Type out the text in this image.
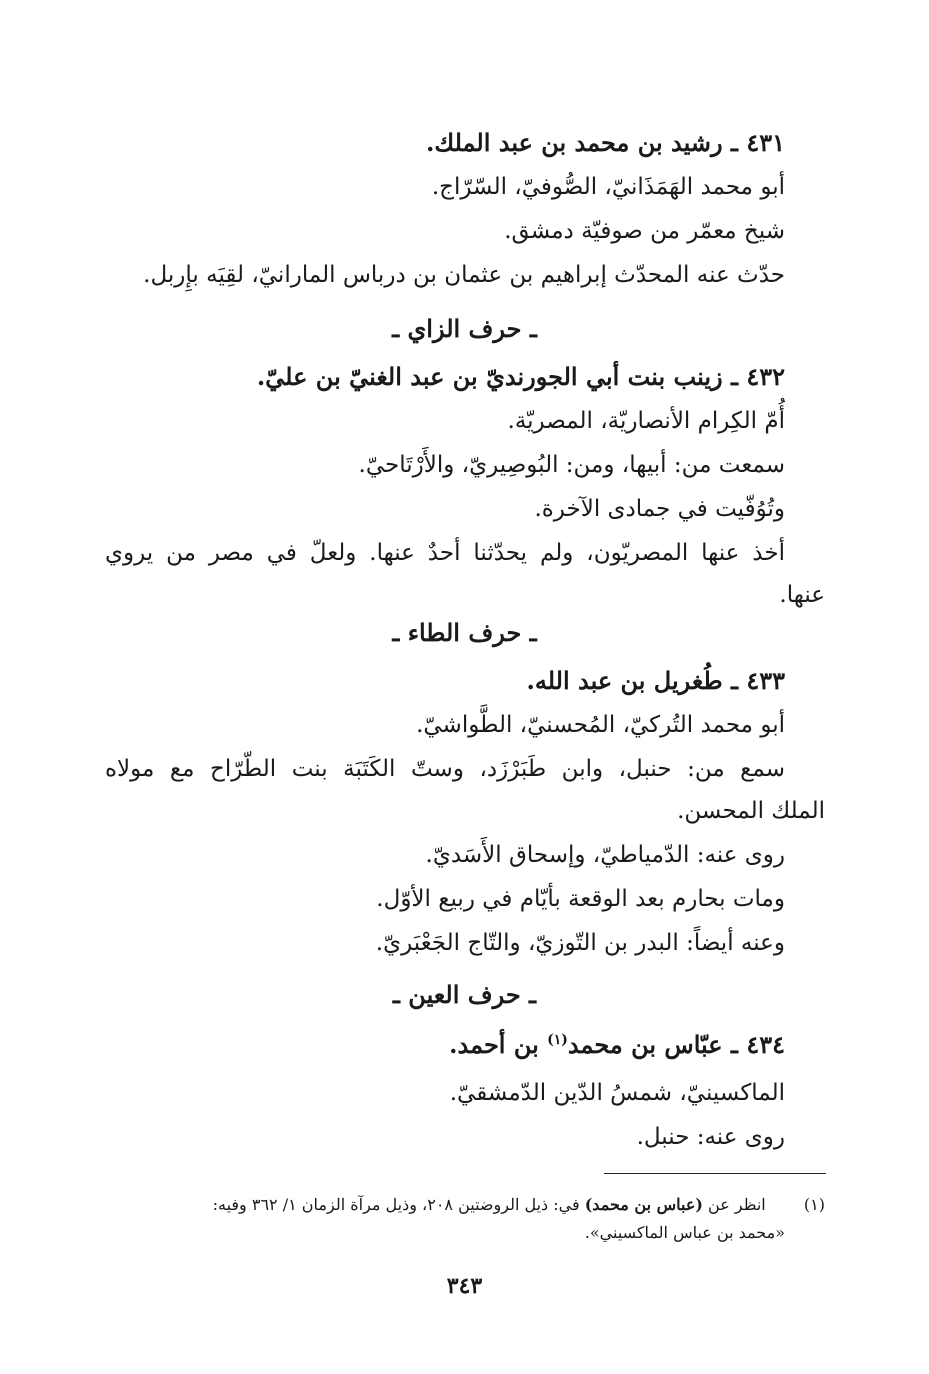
٤٣١ ـ رشيد بن محمد بن عبد الملك.
أبو محمد الهَمَذَانيّ، الصُّوفيّ، السّرّاج.
شيخ معمّر من صوفيّة دمشق.
حدّث عنه المحدّث إبراهيم بن عثمان بن درباس المارانيّ، لقِيَه بإِربل.
ـ حرف الزاي ـ
٤٣٢ ـ زينب بنت أبي الجورنديّ بن عبد الغنيّ بن عليّ.
أُمّ الكِرام الأنصاريّة، المصريّة.
سمعت من: أبيها، ومن: البُوصِيريّ، والأَرْتَاحيّ.
وتُوُفّيت في جمادى الآخرة.
أخذ عنها المصريّون، ولم يحدّثنا أحدٌ عنها. ولعلّ في مصر من يروي
عنها.
ـ حرف الطاء ـ
٤٣٣ ـ طُغريل بن عبد الله.
أبو محمد التُركيّ، المُحسنيّ، الطَّواشيّ.
سمع من: حنبل، وابن طَبَرْزَد، وستّ الكَتَبَة بنت الطّرّاح مع مولاه
الملك المحسن.
روى عنه: الدّمياطيّ، وإسحاق الأَسَديّ.
ومات بحارم بعد الوقعة بأيّام في ربيع الأوّل.
وعنه أيضاً: البدر بن التّوزيّ، والتّاج الجَعْبَريّ.
ـ حرف العين ـ
٤٣٤ ـ عبّاس بن محمد$^{(١)}$ بن أحمد.
الماكسينيّ، شمسُ الدّين الدّمشقيّ.
روى عنه: حنبل.
(١)  انظر عن (عباس بن محمد) في: ذيل الروضتين ٢٠٨، وذيل مرآة الزمان ١/ ٣٦٢ وفيه:
«محمد بن عباس الماكسيني».
٣٤٣
